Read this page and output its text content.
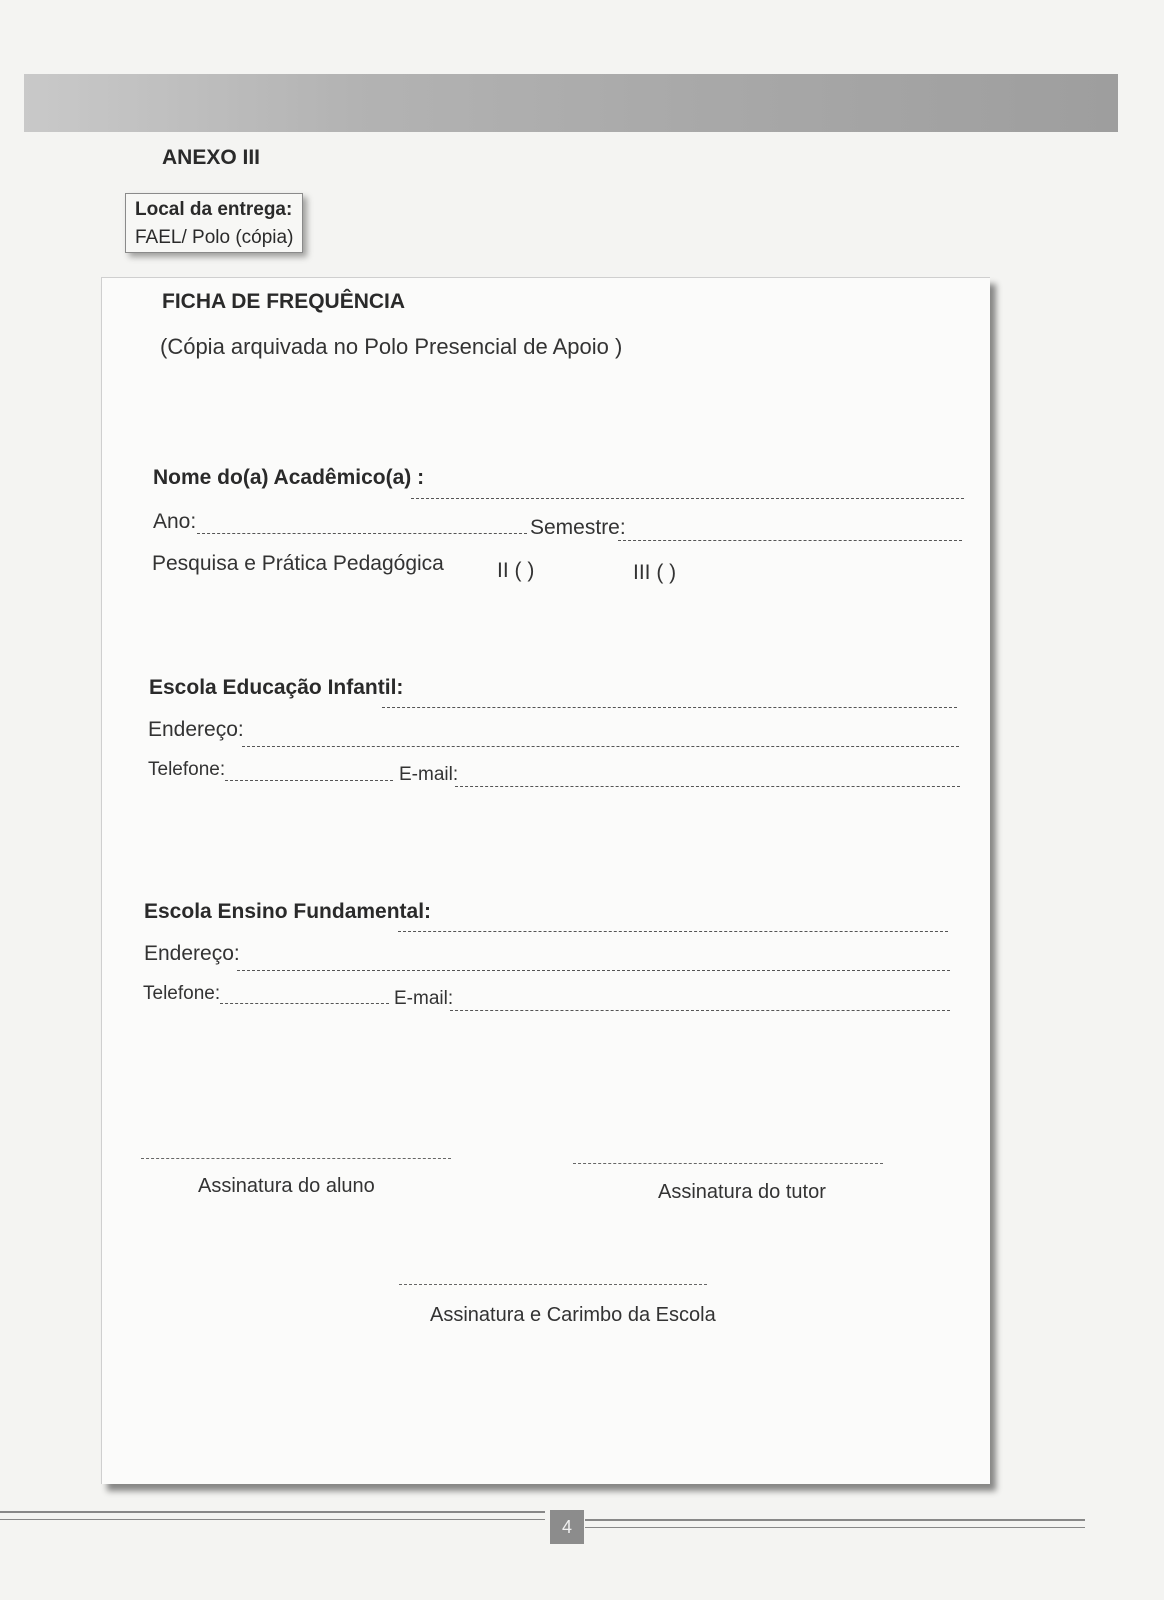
ANEXO III
Local da entrega:
FAEL/ Polo (cópia)
FICHA DE FREQUÊNCIA
(Cópia arquivada no Polo Presencial de Apoio )
Nome do(a) Acadêmico(a) :
Ano:	Semestre:
Pesquisa e Prática Pedagógica	II ( )	III ( )
Escola Educação Infantil:
Endereço:
Telefone:	E-mail:
Escola Ensino Fundamental:
Endereço:
Telefone:	E-mail:
Assinatura do aluno	Assinatura do tutor
Assinatura e Carimbo da Escola
4
